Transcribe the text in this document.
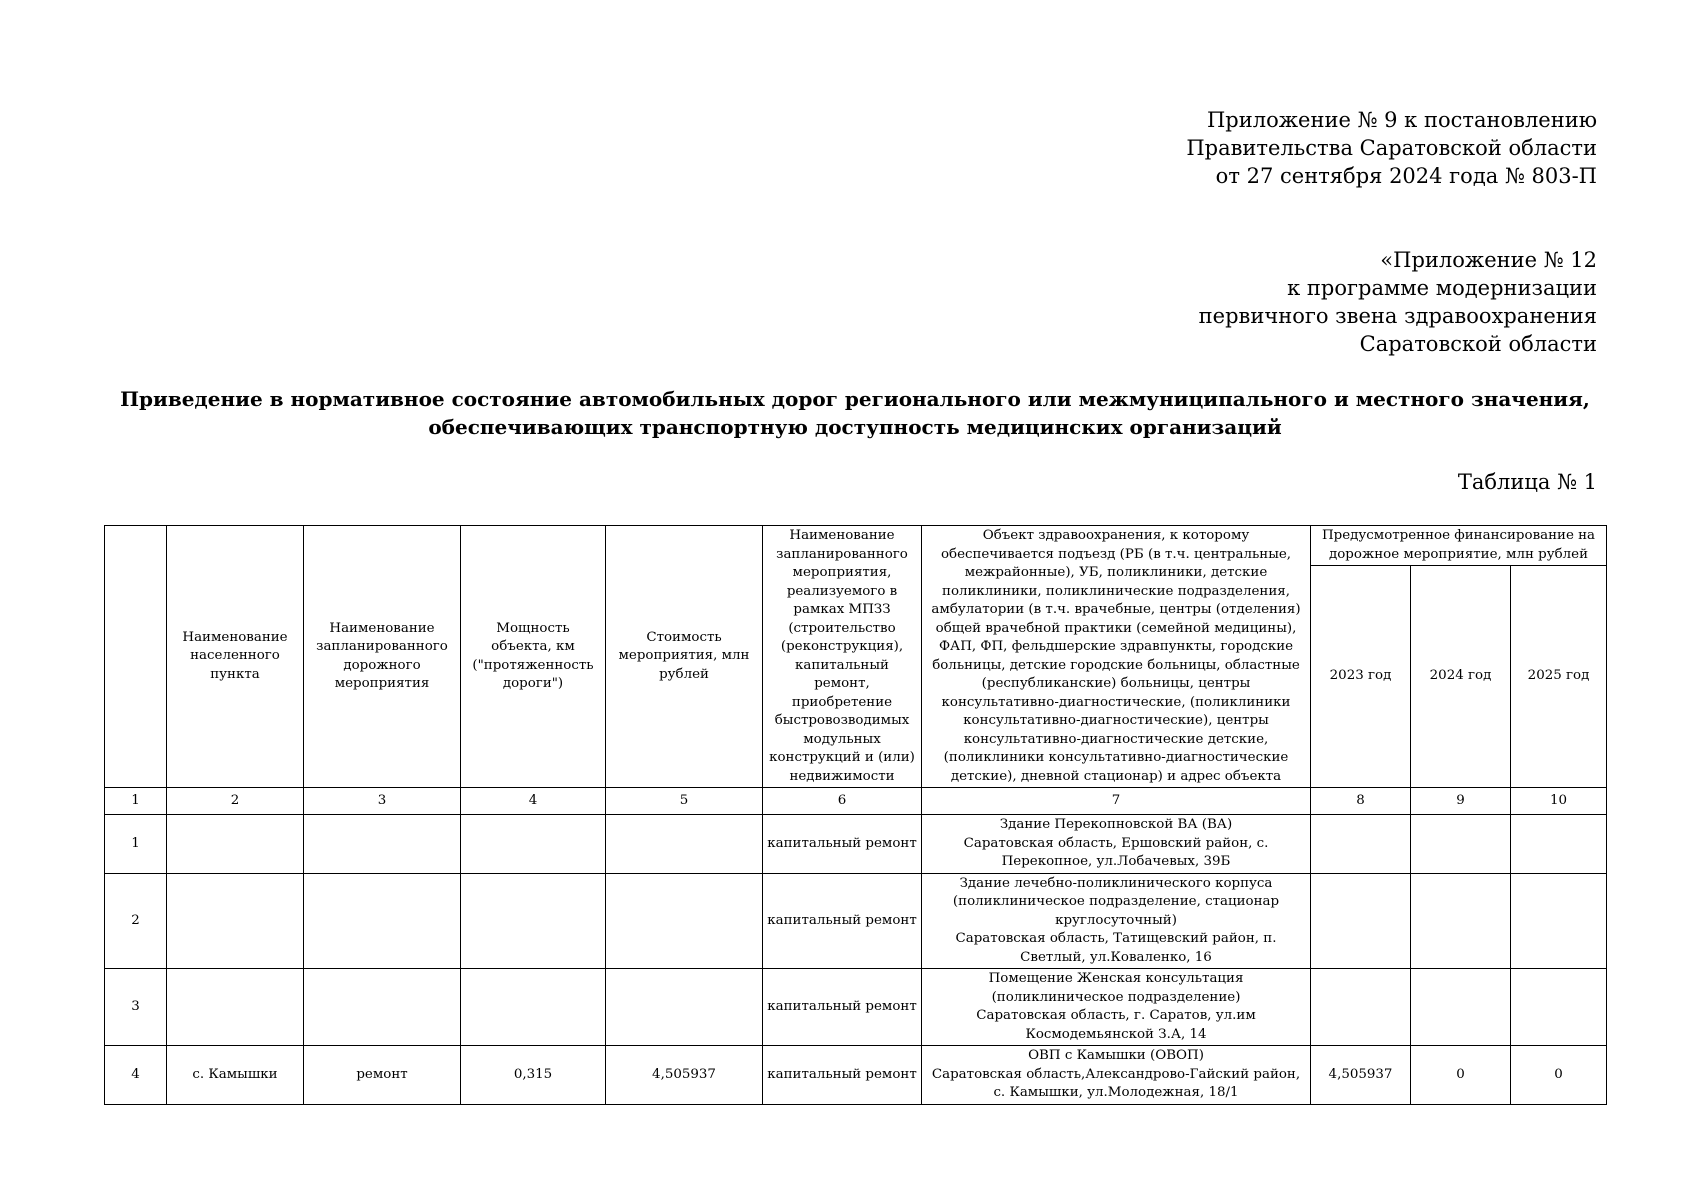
Приложение № 9 к постановлению
Правительства Саратовской области
от 27 сентября 2024 года № 803-П
«Приложение № 12
к программе модернизации
первичного звена здравоохранения
Саратовской области
Приведение в нормативное состояние автомобильных дорог регионального или межмуниципального и местного значения,
обеспечивающих транспортную доступность медицинских организаций
Таблица № 1
	Наименование населенного пункта	Наименование запланированного дорожного мероприятия	Мощность объекта, км ("протяженность дороги")	Стоимость мероприятия, млн рублей	Наименование запланированного мероприятия, реализуемого в рамках МПЗЗ (строительство (реконструкция), капитальный ремонт, приобретение быстровозводимых модульных конструкций и (или) недвижимости	Объект здравоохранения, к которому обеспечивается подъезд (РБ (в т.ч. центральные, межрайонные), УБ, поликлиники, детские поликлиники, поликлинические подразделения, амбулатории (в т.ч. врачебные, центры (отделения) общей врачебной практики (семейной медицины), ФАП, ФП, фельдшерские здравпункты, городские больницы, детские городские больницы, областные (республиканские) больницы, центры консультативно-диагностические, (поликлиники консультативно-диагностические), центры консультативно-диагностические детские, (поликлиники консультативно-диагностические детские), дневной стационар) и адрес объекта	Предусмотренное финансирование на дорожное мероприятие, млн рублей		
							2023 год	2024 год	2025 год
1	2	3	4	5	6	7	8	9	10
1					капитальный ремонт	Здание Перекопновской ВА (ВА)
Саратовская область, Ершовский район, с. Перекопное, ул.Лобачевых, 39Б			

2					капитальный ремонт	Здание лечебно-поликлинического корпуса (поликлиническое подразделение, стационар круглосуточный)
Саратовская область, Татищевский район, п. Светлый, ул.Коваленко, 16			

3					капитальный ремонт	Помещение Женская консультация (поликлиническое подразделение)
Саратовская область, г. Саратов, ул.им Космодемьянской З.А, 14			

4	с. Камышки	ремонт	0,315	4,505937	капитальный ремонт	ОВП с Камышки (ОВОП)
Саратовская область,Александрово-Гайский район, с. Камышки, ул.Молодежная, 18/1	4,505937	0	0
